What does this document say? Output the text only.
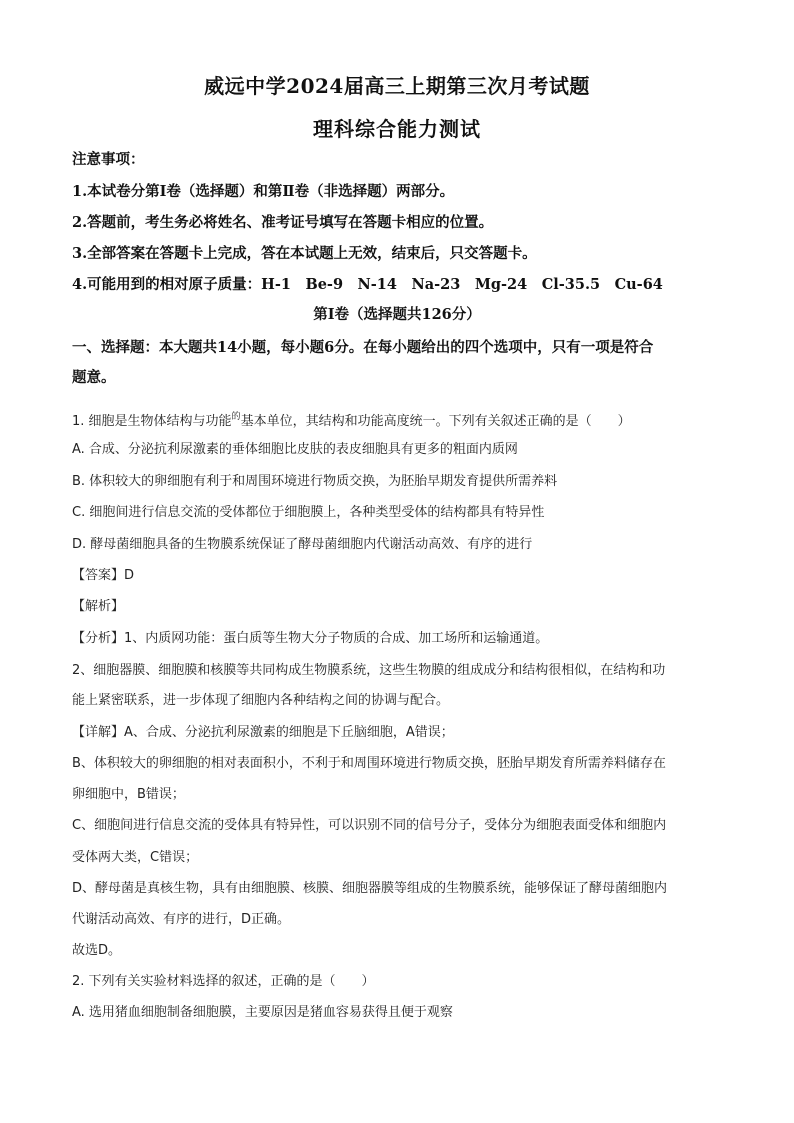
威远中学2024届高三上期第三次月考试题
理科综合能力测试
注意事项：
1.本试卷分第Ⅰ卷（选择题）和第Ⅱ卷（非选择题）两部分。
2.答题前，考生务必将姓名、准考证号填写在答题卡相应的位置。
3.全部答案在答题卡上完成，答在本试题上无效，结束后，只交答题卡。
4.可能用到的相对原子质量：H-1　Be-9　N-14　Na-23　Mg-24　Cl-35.5　Cu-64
第Ⅰ卷（选择题共126分）
一、选择题：本大题共14小题，每小题6分。在每小题给出的四个选项中，只有一项是符合
题意。
1. 细胞是生物体结构与功能$^的$基本单位，其结构和功能高度统一。下列有关叙述正确的是（　　）
A. 合成、分泌抗利尿激素的垂体细胞比皮肤的表皮细胞具有更多的粗面内质网
B. 体积较大的卵细胞有利于和周围环境进行物质交换，为胚胎早期发育提供所需养料
C. 细胞间进行信息交流的受体都位于细胞膜上，各种类型受体的结构都具有特异性
D. 酵母菌细胞具备的生物膜系统保证了酵母菌细胞内代谢活动高效、有序的进行
【答案】D
【解析】
【分析】1、内质网功能：蛋白质等生物大分子物质的合成、加工场所和运输通道。
2、细胞器膜、细胞膜和核膜等共同构成生物膜系统，这些生物膜的组成成分和结构很相似，在结构和功
能上紧密联系，进一步体现了细胞内各种结构之间的协调与配合。
【详解】A、合成、分泌抗利尿激素的细胞是下丘脑细胞，A错误；
B、体积较大的卵细胞的相对表面积小，不利于和周围环境进行物质交换，胚胎早期发育所需养料储存在
卵细胞中，B错误；
C、细胞间进行信息交流的受体具有特异性，可以识别不同的信号分子，受体分为细胞表面受体和细胞内
受体两大类，C错误；
D、酵母菌是真核生物，具有由细胞膜、核膜、细胞器膜等组成的生物膜系统，能够保证了酵母菌细胞内
代谢活动高效、有序的进行，D正确。
故选D。
2. 下列有关实验材料选择的叙述，正确的是（　　）
A. 选用猪血细胞制备细胞膜，主要原因是猪血容易获得且便于观察
